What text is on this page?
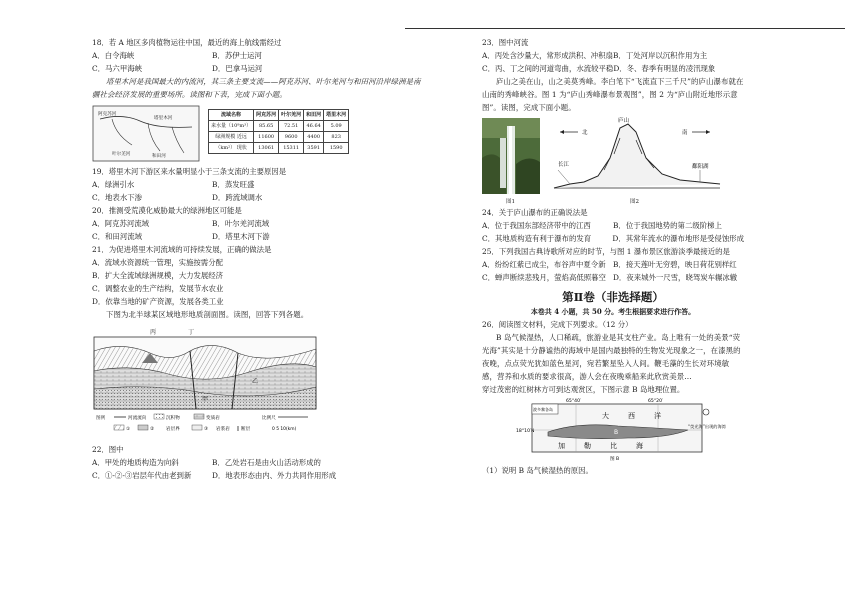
18．若 A 地区多肉植物运往中国，最近的海上航线需经过
A．白令海峡	B．苏伊士运河
C．马六甲海峡	D．巴拿马运河
塔里木河是我国最大的内流河，其三条主要支流——阿克苏河、叶尔羌河与和田河沿岸绿洲是南疆社会经济发展的重要场所。读图和下表，完成下面小题。
阿克苏河
叶尔羌河	和田河
塔里木河
流域名称	阿克苏河	叶尔羌河	和田河	塔里木河
来水量（10⁸m³）	85.65	72.51	46.64	5.09
绿洲规模 近远	11600	9600	4400	823
（km²） 现状	13061	15311	3591	1590
19．塔里木河下游区来水量明显小于三条支流的主要原因是
A．绿洲引水	B．蒸发旺盛
C．地表水下渗	D．跨流域调水
20．推测受荒漠化威胁最大的绿洲地区可能是
A．阿克苏河流域	B．叶尔羌河流域
C．和田河流域	D．塔里木河下游
21．为促进塔里木河流域的可持续发展，正确的做法是
A．流域水资源统一管理，实施按需分配
B．扩大全流域绿洲规模，大力发展经济
C．调整农业的生产结构，发展节水农业
D．依靠当地的矿产资源，发展各类工业
下图为北半球某区域地形地质剖面图。读图，回答下列各题。
丙	丁
甲
乙
图例	河流流向	沉积物	变质岩
①	②	岩层界	③ 岩浆岩 断层
比例尺
0 5 10(km)
22．图中
A．甲处的地质构造为向斜	B．乙处岩石是由火山活动形成的
C．①-②-③岩层年代由老到新	D．地表形态由内、外力共同作用形成
23．图中河流
A．丙处含沙量大，常形成洪积、冲积扇 B．丁处河岸以沉积作用为主
C．丙、丁之间的河道弯曲，水流较平稳 D．冬、春季有明显的凌汛现象
庐山之美在山，山之美莫秀峰。李白笔下“飞流直下三千尺”的庐山瀑布就在山南的秀峰峡谷。图 1 为“庐山秀峰瀑布景观图”，图 2 为“庐山附近地形示意图”。读图，完成下面小题。
图1
北	南
庐山
长江	鄱阳湖
图2
24．关于庐山瀑布的正确说法是
A．位于我国东部经济带中的江西	B．位于我国地势的第二级阶梯上
C．其地质构造有利于瀑布的发育	D．其常年流水的瀑布地形是受侵蚀形成
25．下列我国古典诗歌所对应的时节，与图 1 瀑布景区旅游淡季最接近的是
A．纷纷红紫已成尘，布谷声中夏令新	B．接天莲叶无穷碧，映日荷花别样红
C．蝉声断续悲残月，萤焰高低照暮空 D．夜来城外一尺雪，晓驾炭车辗冰辙
第Ⅱ卷（非选择题）
本卷共 4 小题，共 50 分。考生根据要求进行作答。
26．阅读图文材料，完成下列要求。（12 分）
B 岛气候湿热，人口稀疏，旅游业是其支柱产业。岛上唯有一处的美景“荧光海”其实是十分静谧热的海域中是国内最独特的生物发光现象之一，在漆黑的夜晚，点点荧光犹如蓝色星河，宛若繁星坠入人间。鞭毛藻的生长对环境敏感，营养和水质的要求很高，游人会在夜晚乘船来此欣赏美景…
穿过茂密的红树林方可到达观赏区，下图示意 B 岛地理位置。
波多黎各岛
65°40′	65°20′
18°10′N
大	西	洋
加	勒	比	海
B
“荧光海”出现的海湾
图 B
（1）说明 B 岛气候湿热的原因。
